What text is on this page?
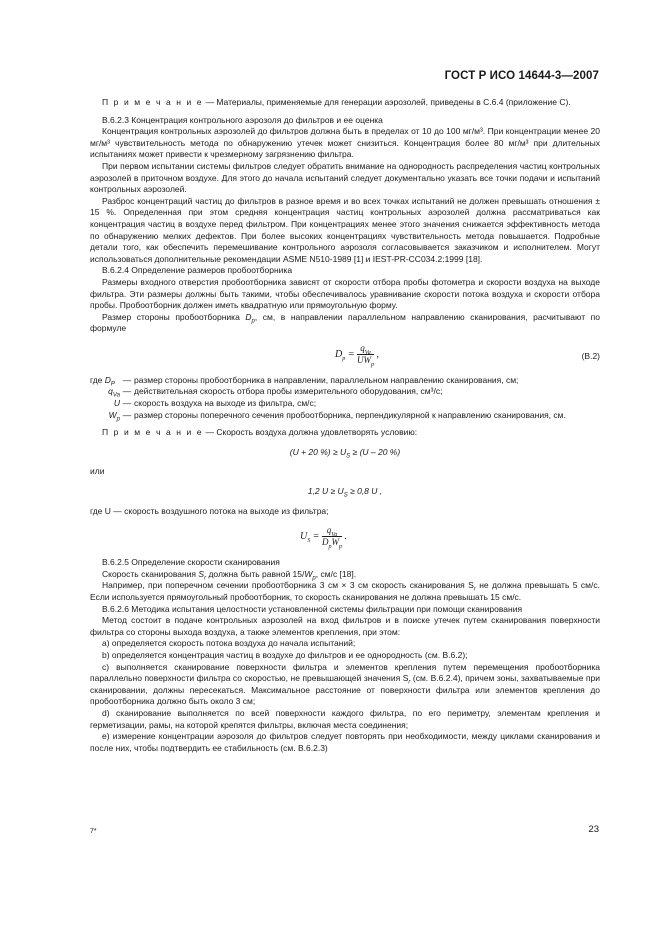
ГОСТ Р ИСО 14644-3—2007

П р и м е ч а н и е — Материалы, применяемые для генерации аэрозолей, приведены в С.6.4 (приложение С).

В.6.2.3 Концентрация контрольного аэрозоля до фильтров и ее оценка

Концентрация контрольных аэрозолей до фильтров должна быть в пределах от 10 до 100 мг/м³. При концентрации менее 20 мг/м³ чувствительность метода по обнаружению утечек может снизиться. Концентрация более 80 мг/м³ при длительных испытаниях может привести к чрезмерному загрязнению фильтра.

При первом испытании системы фильтров следует обратить внимание на однородность распределения частиц контрольных аэрозолей в приточном воздухе. Для этого до начала испытаний следует документально указать все точки подачи и испытаний контрольных аэрозолей.

Разброс концентраций частиц до фильтров в разное время и во всех точках испытаний не должен превышать отношения ± 15 %. Определенная при этом средняя концентрация частиц контрольных аэрозолей должна рассматриваться как концентрация частиц в воздухе перед фильтром. При концентрациях менее этого значения снижается эффективность метода по обнаружению мелких дефектов. При более высоких концентрациях чувствительность метода повышается. Подробные детали того, как обеспечить перемешивание контрольного аэрозоля согласовывается заказчиком и исполнителем. Могут использоваться дополнительные рекомендации ASME N510-1989 [1] и IEST-PR-CC034.2:1999 [18].

В.6.2.4 Определение размеров пробоотборника

Размеры входного отверстия пробоотборника зависят от скорости отбора пробы фотометра и скорости воздуха на выходе фильтра. Эти размеры должны быть такими, чтобы обеспечивалось уравнивание скорости потока воздуха и скорости отбора пробы. Пробоотборник должен иметь квадратную или прямоугольную форму.

Размер стороны пробоотборника $D_p$, см, в направлении параллельном направлению сканирования, расчитывают по формуле

$D_p = \frac{q_{Va}}{UW_p}$ ,	(В.2)
где $D_P$ — размер стороны пробоотборника в направлении, параллельном направлению сканирования, см;
$q_{Va}$ — действительная скорость отбора пробы измерительного оборудования, см³/с;
U — скорость воздуха на выходе из фильтра, см/с;
$W_p$ — размер стороны поперечного сечения пробоотборника, перпендикулярной к направлению сканирования, см.

П р и м е ч а н и е — Скорость воздуха должна удовлетворять условию:

(U + 20 %) ≥ $U_S \ge (U - 20$ %)

или

1,2 $U \ge U_S \ge 0,8$ U ,

где U — скорость воздушного потока на выходе из фильтра;

$U_S = \frac{q_{Va}}{D_pW_p}$ .

В.6.2.5 Определение скорости сканирования

Скорость сканирования $S_r$ должна быть равной $15/W_p$, см/с [18].

Например, при поперечном сечении пробоотборника 3 см × 3 см скорость сканирования $S_r$ не должна превышать 5 см/с. Если используется прямоугольный пробоотборник, то скорость сканирования не должна превышать 15 см/с.

В.6.2.6 Методика испытания целостности установленной системы фильтрации при помощи сканирования

Метод состоит в подаче контрольных аэрозолей на вход фильтров и в поиске утечек путем сканирования поверхности фильтра со стороны выхода воздуха, а также элементов крепления, при этом:

а) определяется скорость потока воздуха до начала испытаний;

b) определяется концентрация частиц в воздухе до фильтров и ее однородность (см. В.6.2);

с) выполняется сканирование поверхности фильтра и элементов крепления путем перемещения пробоотборника параллельно поверхности фильтра со скоростью, не превышающей значения $S_r$ (см. В.6.2.4), причем зоны, захватываемые при сканировании, должны пересекаться. Максимальное расстояние от поверхности фильтра или элементов крепления до пробоотборника должно быть около 3 см;

d) сканирование выполняется по всей поверхности каждого фильтра, по его периметру, элементам крепления и герметизации, рамы, на которой крепятся фильтры, включая места соединения;

е) измерение концентрации аэрозоля до фильтров следует повторять при необходимости, между циклами сканирования и после них, чтобы подтвердить ее стабильность (см. В.6.2.3)

7*	23
